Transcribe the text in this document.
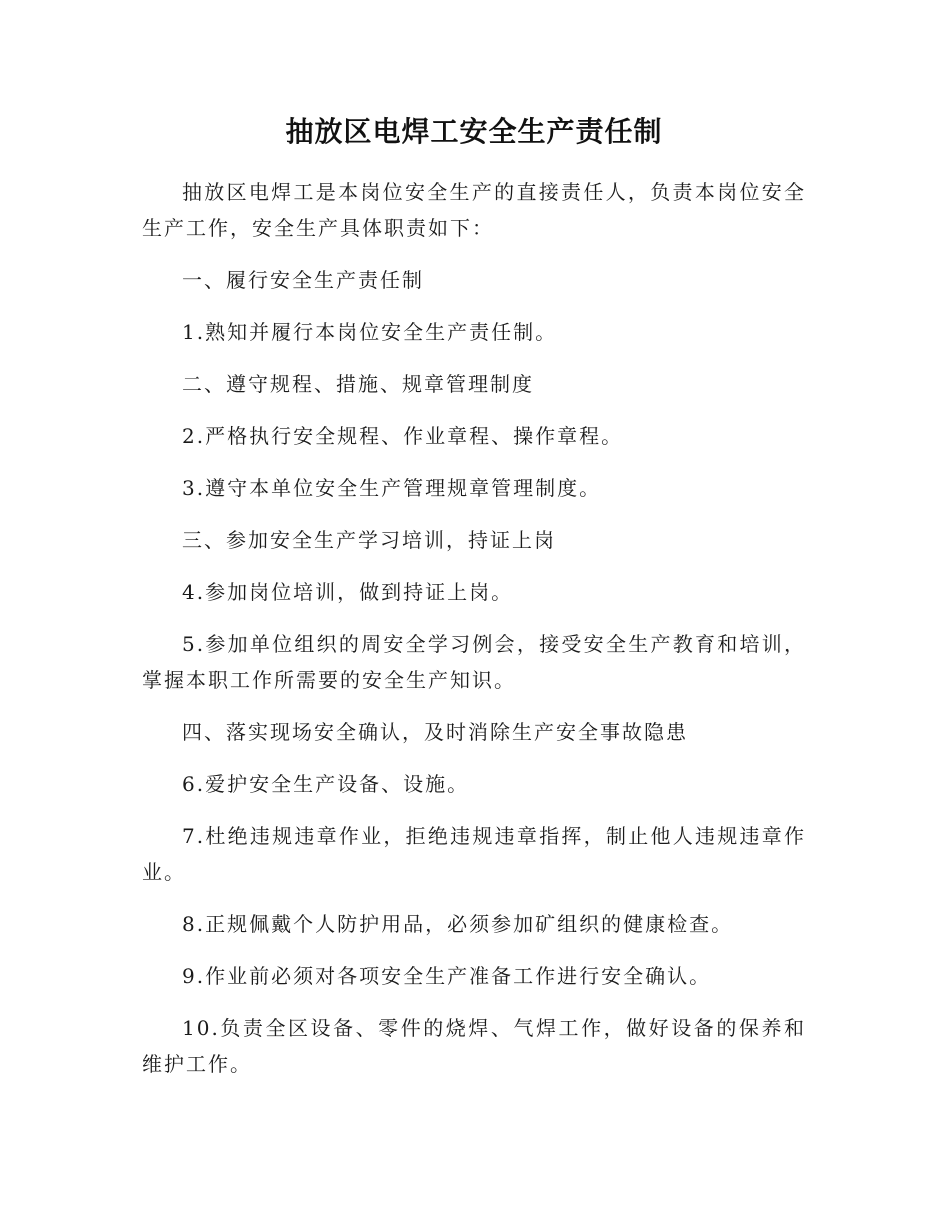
抽放区电焊工安全生产责任制

抽放区电焊工是本岗位安全生产的直接责任人，负责本岗位安全生产工作，安全生产具体职责如下：

一、履行安全生产责任制

1.熟知并履行本岗位安全生产责任制。

二、遵守规程、措施、规章管理制度

2.严格执行安全规程、作业章程、操作章程。

3.遵守本单位安全生产管理规章管理制度。

三、参加安全生产学习培训，持证上岗

4.参加岗位培训，做到持证上岗。

5.参加单位组织的周安全学习例会，接受安全生产教育和培训，掌握本职工作所需要的安全生产知识。

四、落实现场安全确认，及时消除生产安全事故隐患

6.爱护安全生产设备、设施。

7.杜绝违规违章作业，拒绝违规违章指挥，制止他人违规违章作业。

8.正规佩戴个人防护用品，必须参加矿组织的健康检查。

9.作业前必须对各项安全生产准备工作进行安全确认。

10.负责全区设备、零件的烧焊、气焊工作，做好设备的保养和维护工作。
